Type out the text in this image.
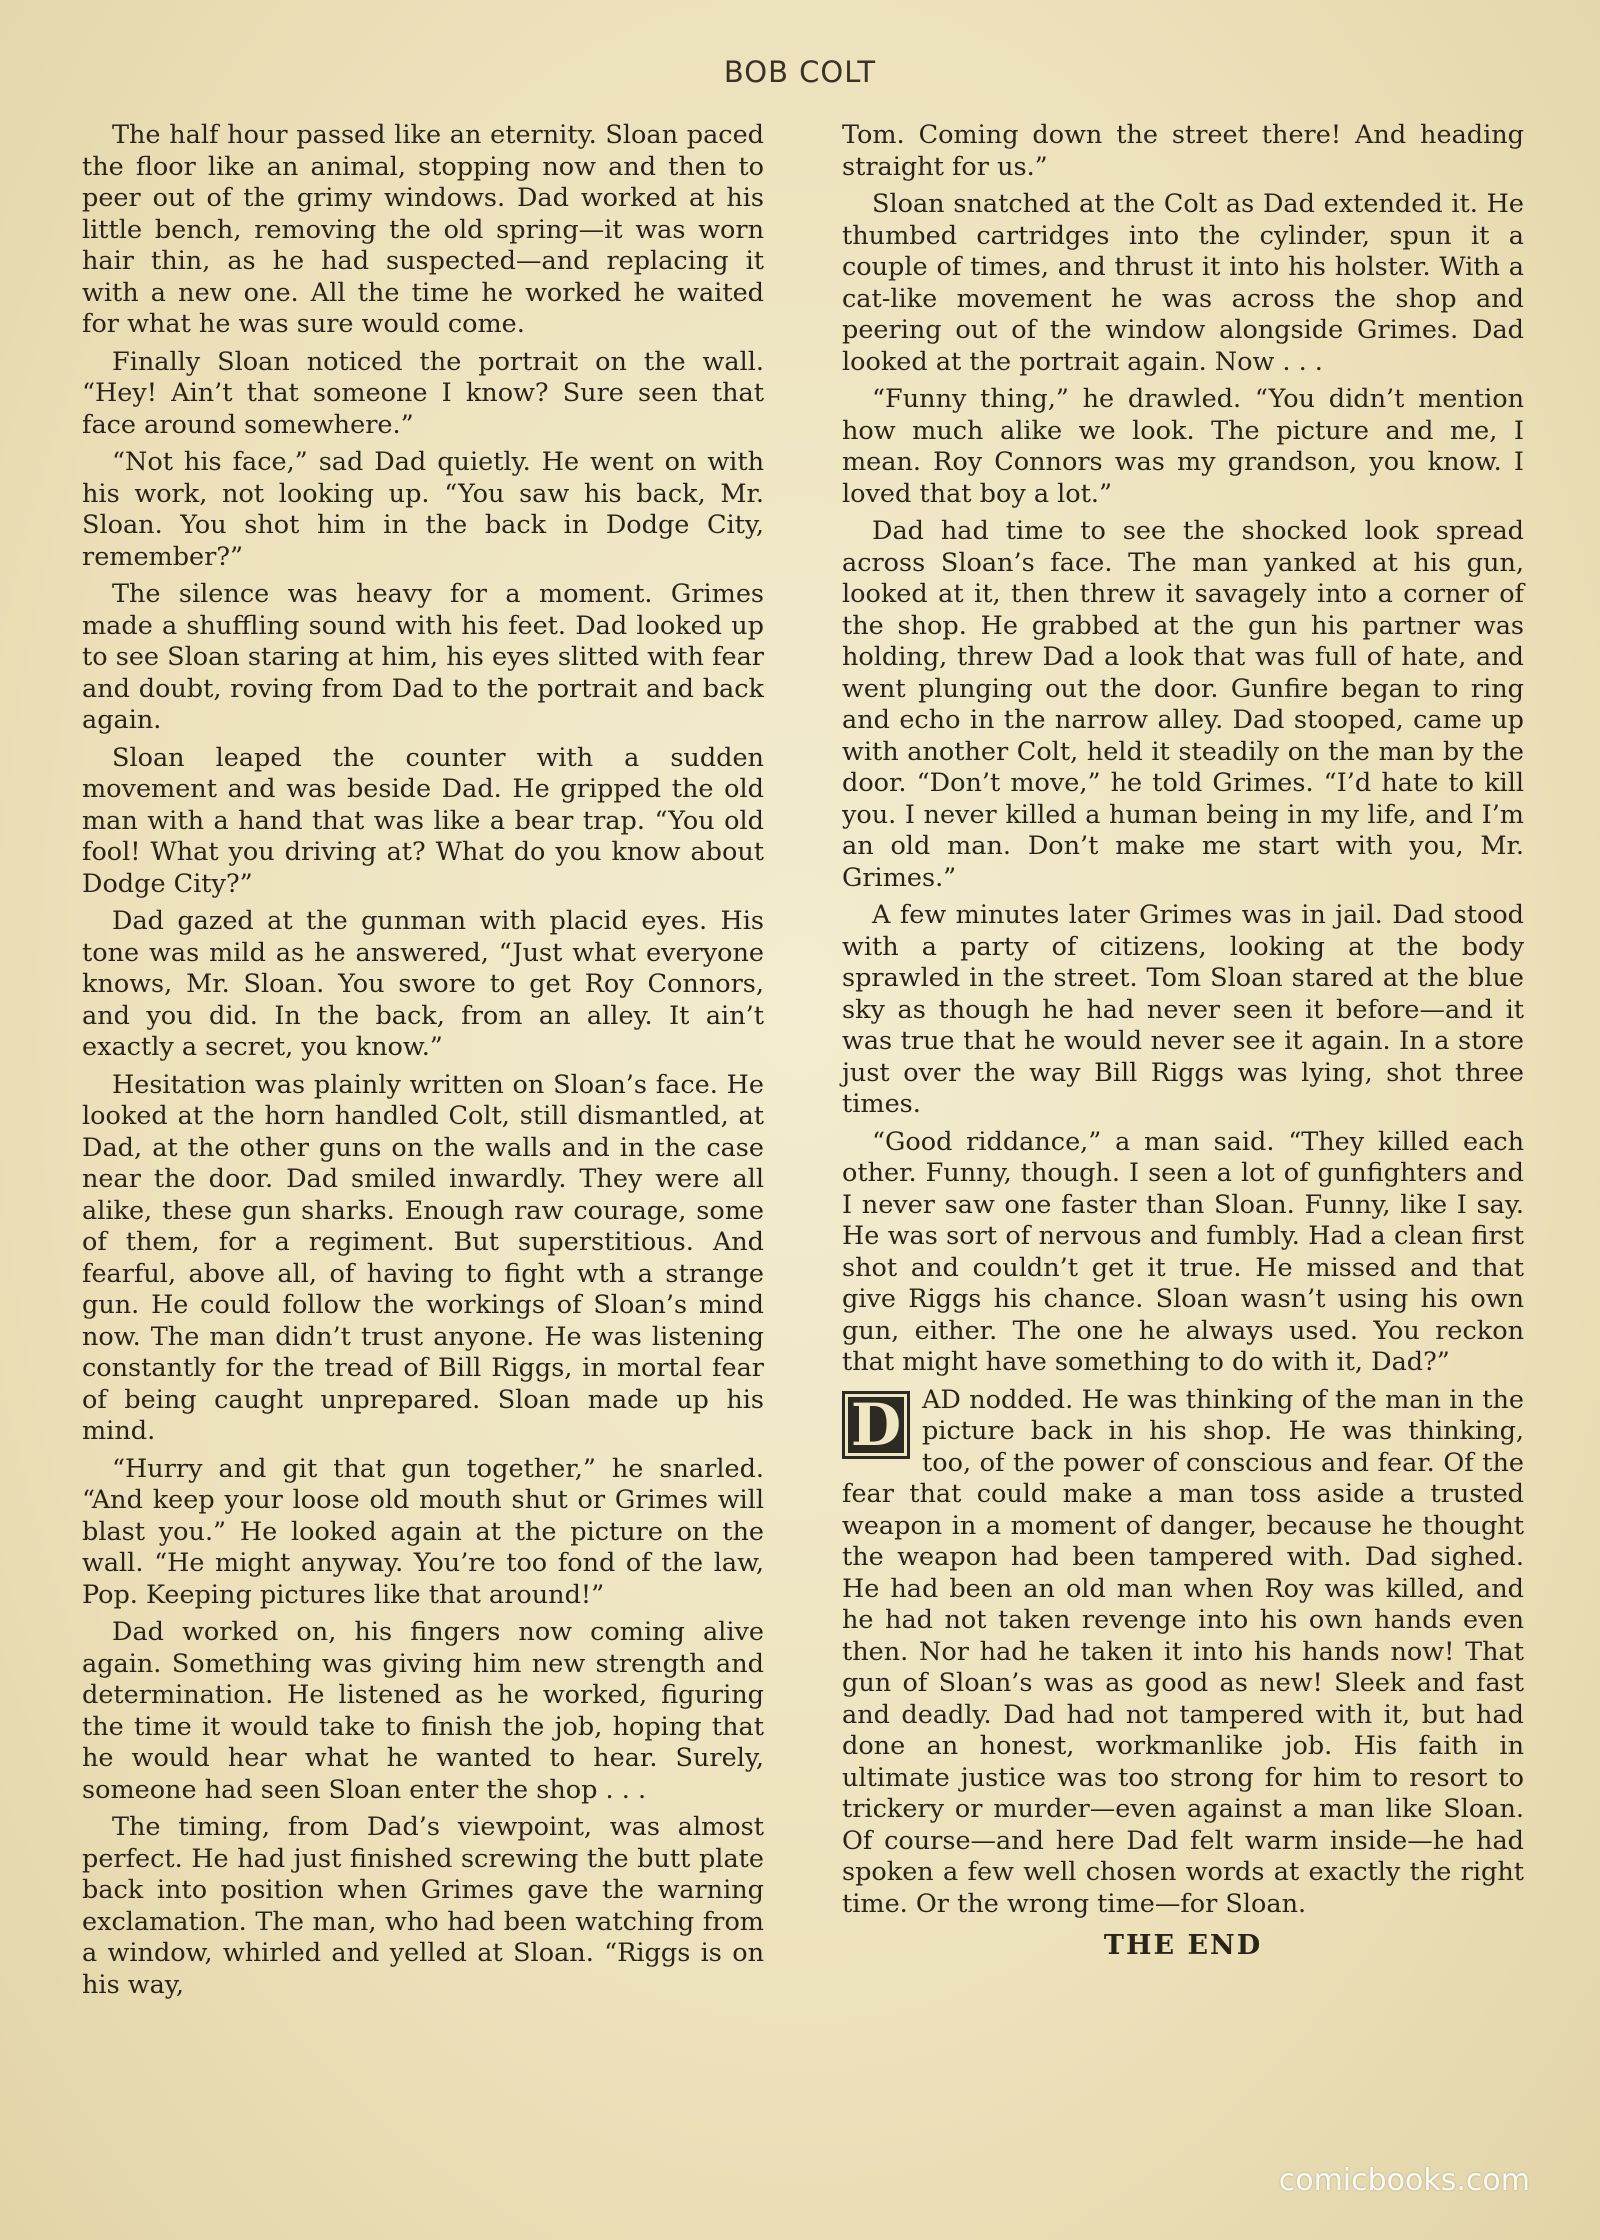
BOB COLT

The half hour passed like an eternity. Sloan paced the floor like an animal, stopping now and then to peer out of the grimy windows. Dad worked at his little bench, removing the old spring—it was worn hair thin, as he had suspected—and replacing it with a new one. All the time he worked he waited for what he was sure would come.

Finally Sloan noticed the portrait on the wall. “Hey! Ain’t that someone I know? Sure seen that face around somewhere.”

“Not his face,” sad Dad quietly. He went on with his work, not looking up. “You saw his back, Mr. Sloan. You shot him in the back in Dodge City, remember?”

The silence was heavy for a moment. Grimes made a shuffling sound with his feet. Dad looked up to see Sloan staring at him, his eyes slitted with fear and doubt, roving from Dad to the portrait and back again.

Sloan leaped the counter with a sudden movement and was beside Dad. He gripped the old man with a hand that was like a bear trap. “You old fool! What you driving at? What do you know about Dodge City?”

Dad gazed at the gunman with placid eyes. His tone was mild as he answered, “Just what everyone knows, Mr. Sloan. You swore to get Roy Connors, and you did. In the back, from an alley. It ain’t exactly a secret, you know.”

Hesitation was plainly written on Sloan’s face. He looked at the horn handled Colt, still dismantled, at Dad, at the other guns on the walls and in the case near the door. Dad smiled inwardly. They were all alike, these gun sharks. Enough raw courage, some of them, for a regiment. But superstitious. And fearful, above all, of having to fight wth a strange gun. He could follow the workings of Sloan’s mind now. The man didn’t trust anyone. He was listening constantly for the tread of Bill Riggs, in mortal fear of being caught unprepared. Sloan made up his mind.

“Hurry and git that gun together,” he snarled. “And keep your loose old mouth shut or Grimes will blast you.” He looked again at the picture on the wall. “He might anyway. You’re too fond of the law, Pop. Keeping pictures like that around!”

Dad worked on, his fingers now coming alive again. Something was giving him new strength and determination. He listened as he worked, figuring the time it would take to finish the job, hoping that he would hear what he wanted to hear. Surely, someone had seen Sloan enter the shop . . .

The timing, from Dad’s viewpoint, was almost perfect. He had just finished screwing the butt plate back into position when Grimes gave the warning exclamation. The man, who had been watching from a window, whirled and yelled at Sloan. “Riggs is on his way,

Tom. Coming down the street there! And heading straight for us.”

Sloan snatched at the Colt as Dad extended it. He thumbed cartridges into the cylinder, spun it a couple of times, and thrust it into his holster. With a cat-like movement he was across the shop and peering out of the window alongside Grimes. Dad looked at the portrait again. Now . . .

“Funny thing,” he drawled. “You didn’t mention how much alike we look. The picture and me, I mean. Roy Connors was my grandson, you know. I loved that boy a lot.”

Dad had time to see the shocked look spread across Sloan’s face. The man yanked at his gun, looked at it, then threw it savagely into a corner of the shop. He grabbed at the gun his partner was holding, threw Dad a look that was full of hate, and went plunging out the door. Gunfire began to ring and echo in the narrow alley. Dad stooped, came up with another Colt, held it steadily on the man by the door. “Don’t move,” he told Grimes. “I’d hate to kill you. I never killed a human being in my life, and I’m an old man. Don’t make me start with you, Mr. Grimes.”

A few minutes later Grimes was in jail. Dad stood with a party of citizens, looking at the body sprawled in the street. Tom Sloan stared at the blue sky as though he had never seen it before—and it was true that he would never see it again. In a store just over the way Bill Riggs was lying, shot three times.

“Good riddance,” a man said. “They killed each other. Funny, though. I seen a lot of gunfighters and I never saw one faster than Sloan. Funny, like I say. He was sort of nervous and fumbly. Had a clean first shot and couldn’t get it true. He missed and that give Riggs his chance. Sloan wasn’t using his own gun, either. The one he always used. You reckon that might have something to do with it, Dad?”

D AD nodded. He was thinking of the man in the picture back in his shop. He was thinking, too, of the power of conscious and fear. Of the fear that could make a man toss aside a trusted weapon in a moment of danger, because he thought the weapon had been tampered with. Dad sighed. He had been an old man when Roy was killed, and he had not taken revenge into his own hands even then. Nor had he taken it into his hands now! That gun of Sloan’s was as good as new! Sleek and fast and deadly. Dad had not tampered with it, but had done an honest, workmanlike job. His faith in ultimate justice was too strong for him to resort to trickery or murder—even against a man like Sloan. Of course—and here Dad felt warm inside—he had spoken a few well chosen words at exactly the right time. Or the wrong time—for Sloan.

THE END
comicbooks.com
